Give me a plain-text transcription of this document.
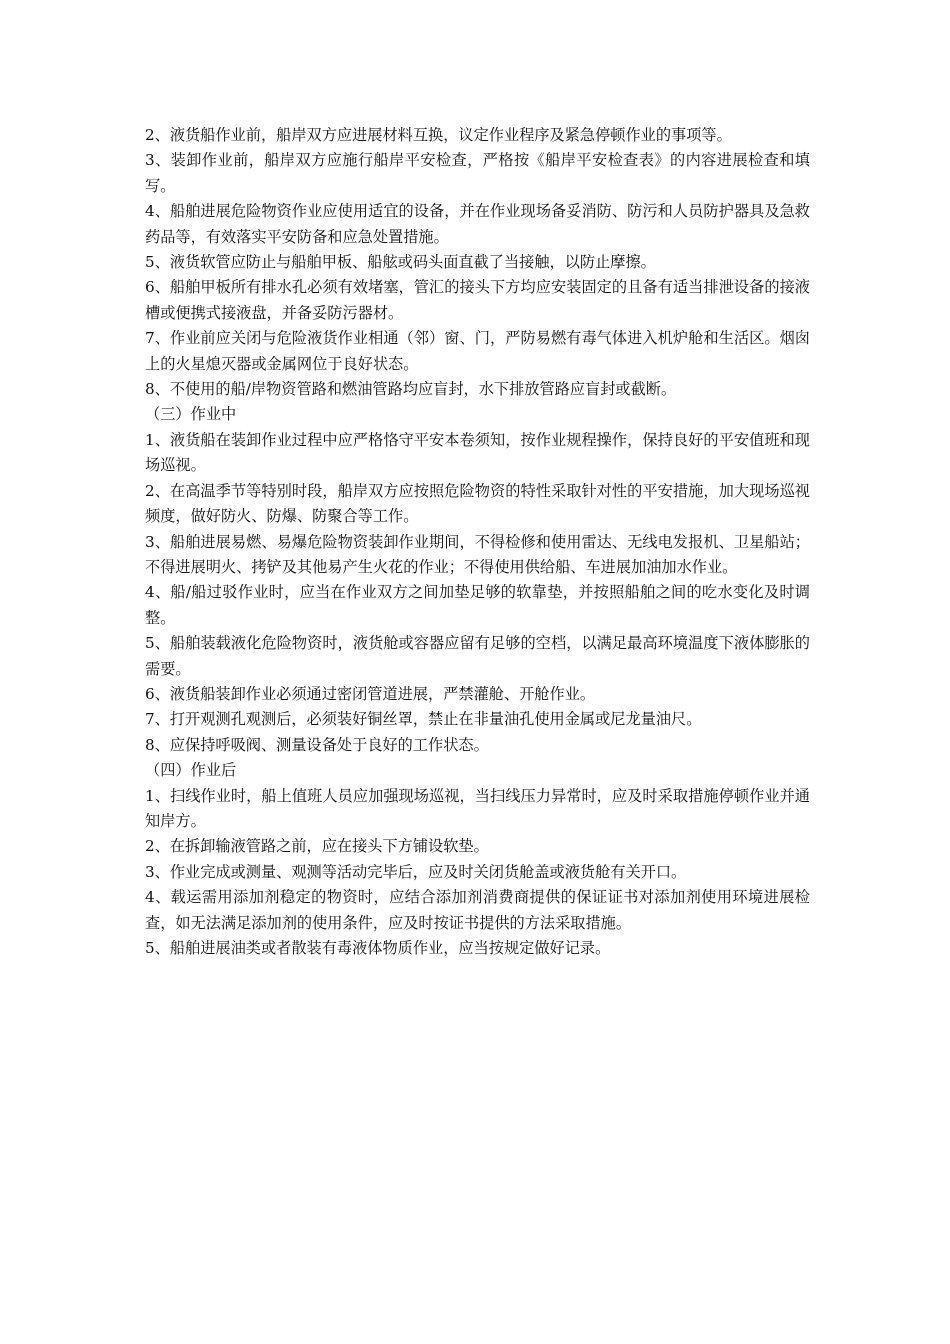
2、液货船作业前，船岸双方应进展材料互换，议定作业程序及紧急停顿作业的事项等。

3、装卸作业前，船岸双方应施行船岸平安检查，严格按《船岸平安检查表》的内容进展检查和填写。

4、船舶进展危险物资作业应使用适宜的设备，并在作业现场备妥消防、防污和人员防护器具及急救药品等，有效落实平安防备和应急处置措施。

5、液货软管应防止与船舶甲板、船舷或码头面直截了当接触，以防止摩擦。

6、船舶甲板所有排水孔必须有效堵塞，管汇的接头下方均应安装固定的且备有适当排泄设备的接液槽或便携式接液盘，并备妥防污器材。

7、作业前应关闭与危险液货作业相通（邻）窗、门，严防易燃有毒气体进入机炉舱和生活区。烟囱上的火星熄灭器或金属网位于良好状态。

8、不使用的船/岸物资管路和燃油管路均应盲封，水下排放管路应盲封或截断。

（三）作业中

1、液货船在装卸作业过程中应严格恪守平安本卷须知，按作业规程操作，保持良好的平安值班和现场巡视。

2、在高温季节等特别时段，船岸双方应按照危险物资的特性采取针对性的平安措施，加大现场巡视频度，做好防火、防爆、防聚合等工作。

3、船舶进展易燃、易爆危险物资装卸作业期间，不得检修和使用雷达、无线电发报机、卫星船站；不得进展明火、拷铲及其他易产生火花的作业；不得使用供给船、车进展加油加水作业。

4、船/船过驳作业时，应当在作业双方之间加垫足够的软靠垫，并按照船舶之间的吃水变化及时调整。

5、船舶装载液化危险物资时，液货舱或容器应留有足够的空档，以满足最高环境温度下液体膨胀的需要。

6、液货船装卸作业必须通过密闭管道进展，严禁灌舱、开舱作业。

7、打开观测孔观测后，必须装好铜丝罩，禁止在非量油孔使用金属或尼龙量油尺。

8、应保持呼吸阀、测量设备处于良好的工作状态。

（四）作业后

1、扫线作业时，船上值班人员应加强现场巡视，当扫线压力异常时，应及时采取措施停顿作业并通知岸方。

2、在拆卸输液管路之前，应在接头下方铺设软垫。

3、作业完成或测量、观测等活动完毕后，应及时关闭货舱盖或液货舱有关开口。

4、载运需用添加剂稳定的物资时，应结合添加剂消费商提供的保证证书对添加剂使用环境进展检查，如无法满足添加剂的使用条件，应及时按证书提供的方法采取措施。

5、船舶进展油类或者散装有毒液体物质作业，应当按规定做好记录。
